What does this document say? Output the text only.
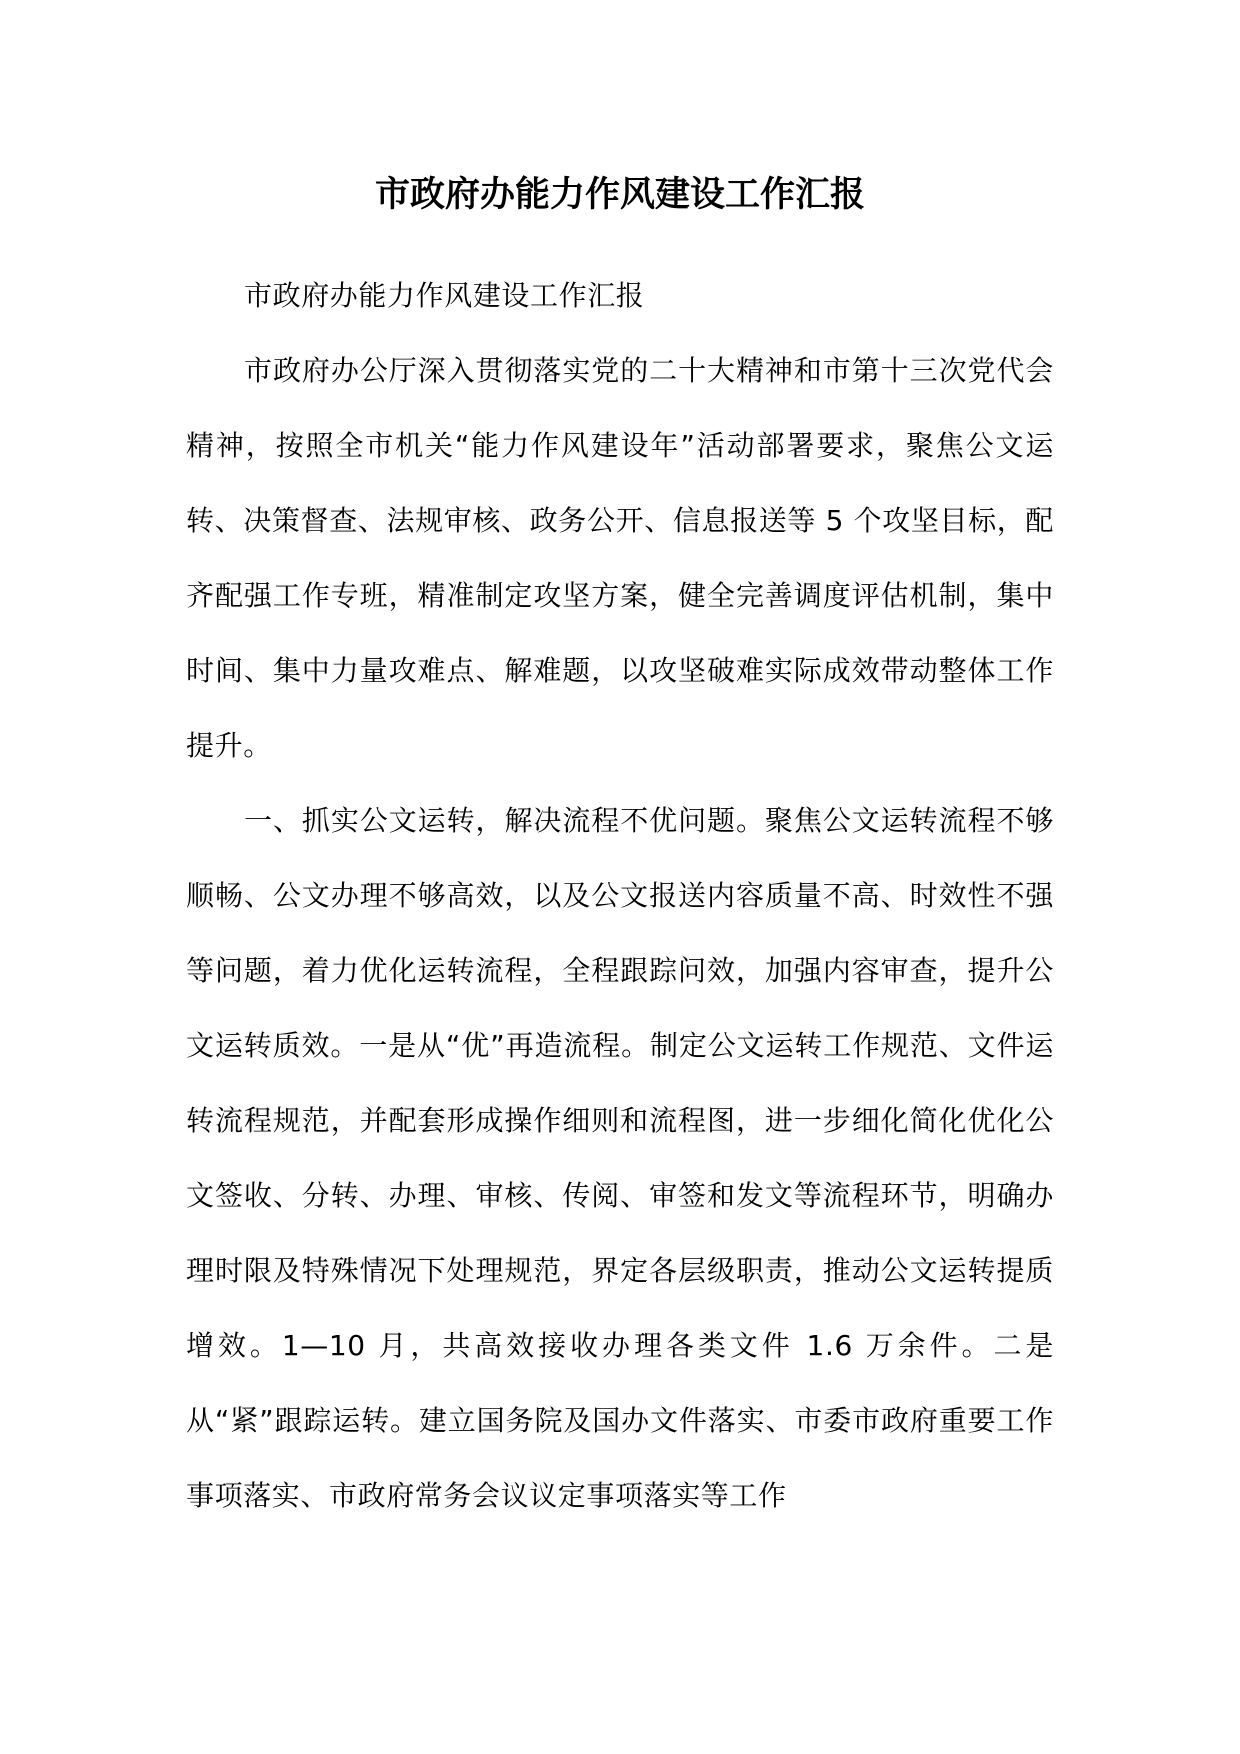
市政府办能力作风建设工作汇报

市政府办能力作风建设工作汇报

市政府办公厅深入贯彻落实党的二十大精神和市第十三次党代会精神，按照全市机关“能力作风建设年”活动部署要求，聚焦公文运转、决策督查、法规审核、政务公开、信息报送等 5 个攻坚目标，配齐配强工作专班，精准制定攻坚方案，健全完善调度评估机制，集中时间、集中力量攻难点、解难题，以攻坚破难实际成效带动整体工作提升。

一、抓实公文运转，解决流程不优问题。聚焦公文运转流程不够顺畅、公文办理不够高效，以及公文报送内容质量不高、时效性不强等问题，着力优化运转流程，全程跟踪问效，加强内容审查，提升公文运转质效。一是从“优”再造流程。制定公文运转工作规范、文件运转流程规范，并配套形成操作细则和流程图，进一步细化简化优化公文签收、分转、办理、审核、传阅、审签和发文等流程环节，明确办理时限及特殊情况下处理规范，界定各层级职责，推动公文运转提质增效。1—10 月，共高效接收办理各类文件 1.6 万余件。二是从“紧”跟踪运转。建立国务院及国办文件落实、市委市政府重要工作事项落实、市政府常务会议议定事项落实等工作
